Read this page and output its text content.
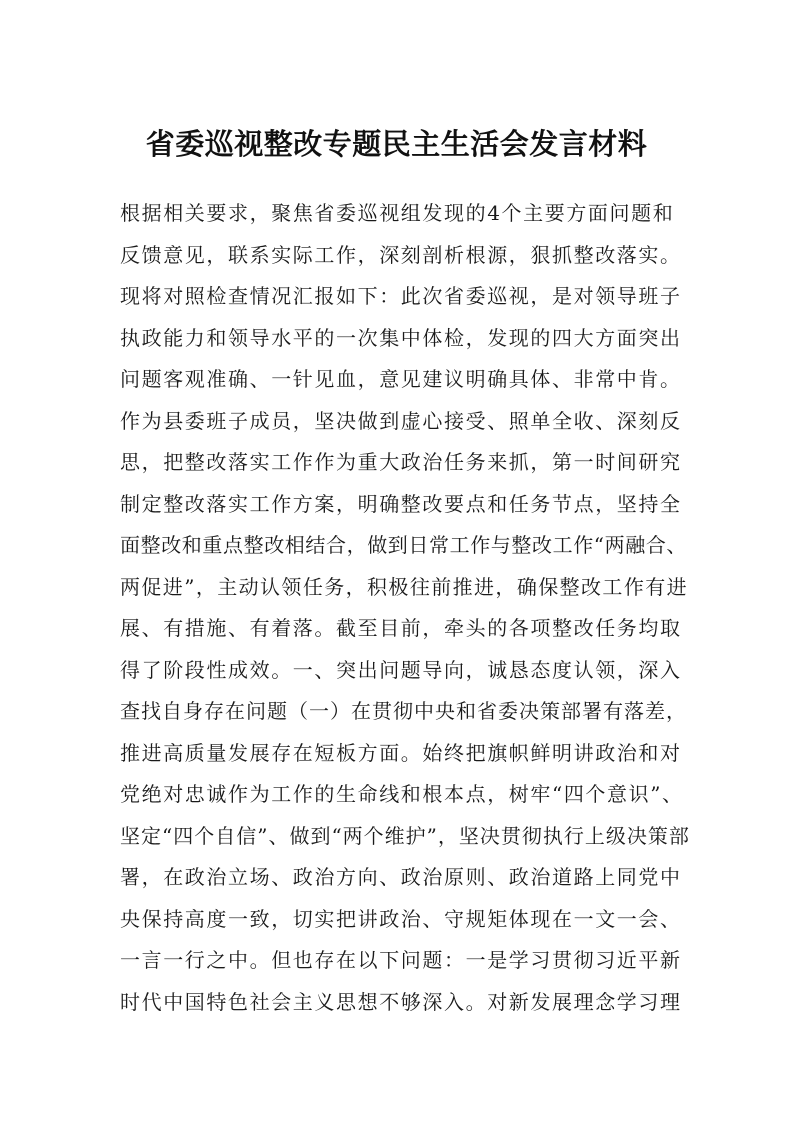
省委巡视整改专题民主生活会发言材料
根据相关要求，聚焦省委巡视组发现的4个主要方面问题和
反馈意见，联系实际工作，深刻剖析根源，狠抓整改落实。
现将对照检查情况汇报如下：此次省委巡视，是对领导班子
执政能力和领导水平的一次集中体检，发现的四大方面突出
问题客观准确、一针见血，意见建议明确具体、非常中肯。
作为县委班子成员，坚决做到虚心接受、照单全收、深刻反
思，把整改落实工作作为重大政治任务来抓，第一时间研究
制定整改落实工作方案，明确整改要点和任务节点，坚持全
面整改和重点整改相结合，做到日常工作与整改工作“两融合、
两促进”，主动认领任务，积极往前推进，确保整改工作有进
展、有措施、有着落。截至目前，牵头的各项整改任务均取
得了阶段性成效。一、突出问题导向，诚恳态度认领，深入
查找自身存在问题（一）在贯彻中央和省委决策部署有落差，
推进高质量发展存在短板方面。始终把旗帜鲜明讲政治和对
党绝对忠诚作为工作的生命线和根本点，树牢“四个意识”、
坚定“四个自信”、做到“两个维护”，坚决贯彻执行上级决策部
署，在政治立场、政治方向、政治原则、政治道路上同党中
央保持高度一致，切实把讲政治、守规矩体现在一文一会、
一言一行之中。但也存在以下问题：一是学习贯彻习近平新
时代中国特色社会主义思想不够深入。对新发展理念学习理
